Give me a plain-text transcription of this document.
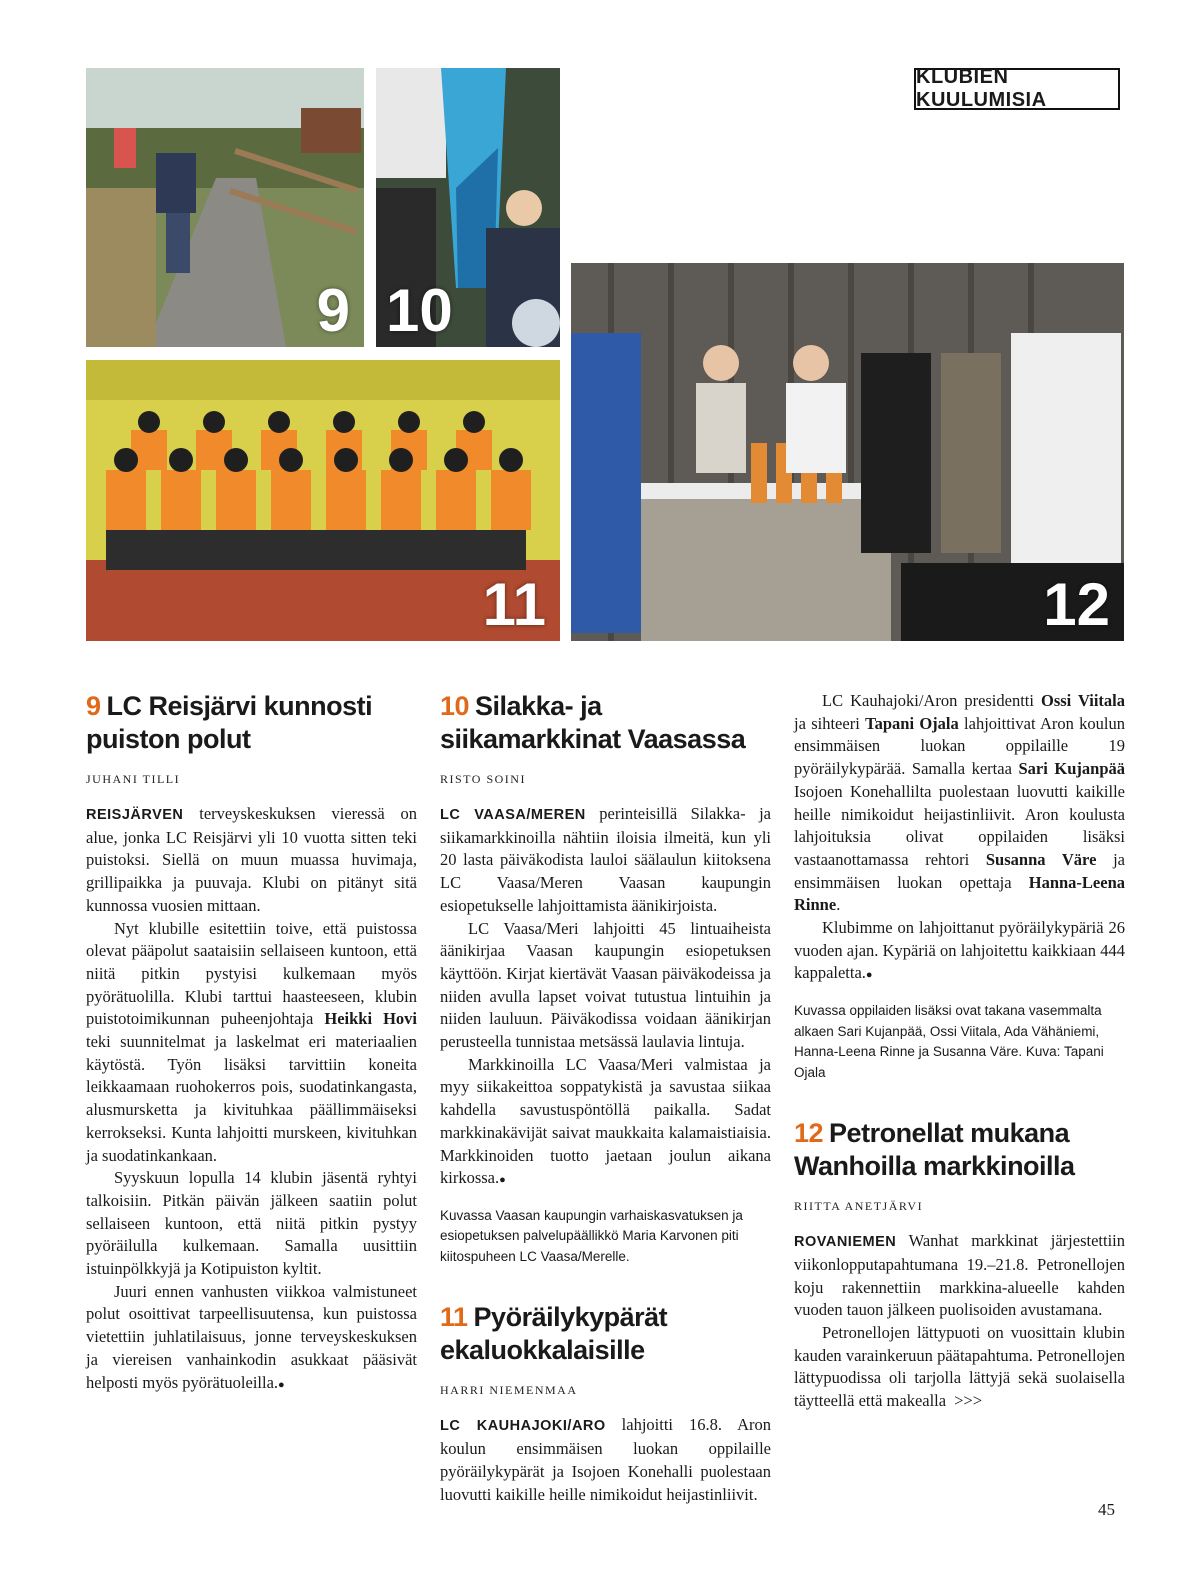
KLUBIEN KUULUMISIA
9 10
11	12
9 LC Reisjärvi kunnosti puiston polut
JUHANI TILLI

REISJÄRVEN terveyskeskuksen vieressä on alue, jonka LC Reisjärvi yli 10 vuotta sitten teki puistoksi. Siellä on muun muassa huvimaja, grillipaikka ja puuvaja. Klubi on pitänyt sitä kunnossa vuosien mittaan.

Nyt klubille esitettiin toive, että puistossa olevat pääpolut saataisiin sellaiseen kuntoon, että niitä pitkin pystyisi kulkemaan myös pyörätuolilla. Klubi tarttui haasteeseen, klubin puistotoimikunnan puheenjohtaja Heikki Hovi teki suunnitelmat ja laskelmat eri materiaalien käytöstä. Työn lisäksi tarvittiin koneita leikkaamaan ruohokerros pois, suodatinkangasta, alusmursketta ja kivituhkaa päällimmäiseksi kerrokseksi. Kunta lahjoitti murskeen, kivituhkan ja suodatinkankaan.

Syyskuun lopulla 14 klubin jäsentä ryhtyi talkoisiin. Pitkän päivän jälkeen saatiin polut sellaiseen kuntoon, että niitä pitkin pystyy pyöräilulla kulkemaan. Samalla uusittiin istuinpölkkyjä ja Kotipuiston kyltit.

Juuri ennen vanhusten viikkoa valmistuneet polut osoittivat tarpeellisuutensa, kun puistossa vietettiin juhlatilaisuus, jonne terveyskeskuksen ja viereisen vanhainkodin asukkaat pääsivät helposti myös pyörätuoleilla.●

10 Silakka- ja siikamarkkinat Vaasassa
RISTO SOINI

LC VAASA/MEREN perinteisillä Silakka- ja siikamarkkinoilla nähtiin iloisia ilmeitä, kun yli 20 lasta päiväkodista lauloi säälaulun kiitoksena LC Vaasa/Meren Vaasan kaupungin esiopetukselle lahjoittamista äänikirjoista.

LC Vaasa/Meri lahjoitti 45 lintuaiheista äänikirjaa Vaasan kaupungin esiopetuksen käyttöön. Kirjat kiertävät Vaasan päiväkodeissa ja niiden avulla lapset voivat tutustua lintuihin ja niiden lauluun. Päiväkodissa voidaan äänikirjan perusteella tunnistaa metsässä laulavia lintuja.

Markkinoilla LC Vaasa/Meri valmistaa ja myy siikakeittoa soppatykistä ja savustaa siikaa kahdella savustuspöntöllä paikalla. Sadat markkinakävijät saivat maukkaita kalamaistiaisia. Markkinoiden tuotto jaetaan joulun aikana kirkossa.●

Kuvassa Vaasan kaupungin varhaiskasvatuksen ja esiopetuksen palvelupäällikkö Maria Karvonen piti kiitospuheen LC Vaasa/Merelle.
11 Pyöräilykypärät ekaluokkalaisille
HARRI NIEMENMAA

LC KAUHAJOKI/ARO lahjoitti 16.8. Aron koulun ensimmäisen luokan oppilaille pyöräilykypärät ja Isojoen Konehalli puolestaan luovutti kaikille heille nimikoidut heijastinliivit.

LC Kauhajoki/Aron presidentti Ossi Viitala ja sihteeri Tapani Ojala lahjoittivat Aron koulun ensimmäisen luokan oppilaille 19 pyöräilykypärää. Samalla kertaa Sari Kujanpää Isojoen Konehallilta puolestaan luovutti kaikille heille nimikoidut heijastinliivit. Aron koulusta lahjoituksia olivat oppilaiden lisäksi vastaanottamassa rehtori Susanna Väre ja ensimmäisen luokan opettaja Hanna-Leena Rinne.

Klubimme on lahjoittanut pyöräilykypäriä 26 vuoden ajan. Kypäriä on lahjoitettu kaikkiaan 444 kappaletta.●

Kuvassa oppilaiden lisäksi ovat takana vasemmalta alkaen Sari Kujanpää, Ossi Viitala, Ada Vähäniemi, Hanna-Leena Rinne ja Susanna Väre. Kuva: Tapani Ojala
12 Petronellat mukana Wanhoilla markkinoilla
RIITTA ANETJÄRVI

ROVANIEMEN Wanhat markkinat järjestettiin viikonlopputapahtumana 19.–21.8. Petronellojen koju rakennettiin markkina-alueelle kahden vuoden tauon jälkeen puolisoiden avustamana.

Petronellojen lättypuoti on vuosittain klubin kauden varainkeruun päätapahtuma. Petronellojen lättypuodissa oli tarjolla lättyjä sekä suolaisella täytteellä että makealla >>>

45
